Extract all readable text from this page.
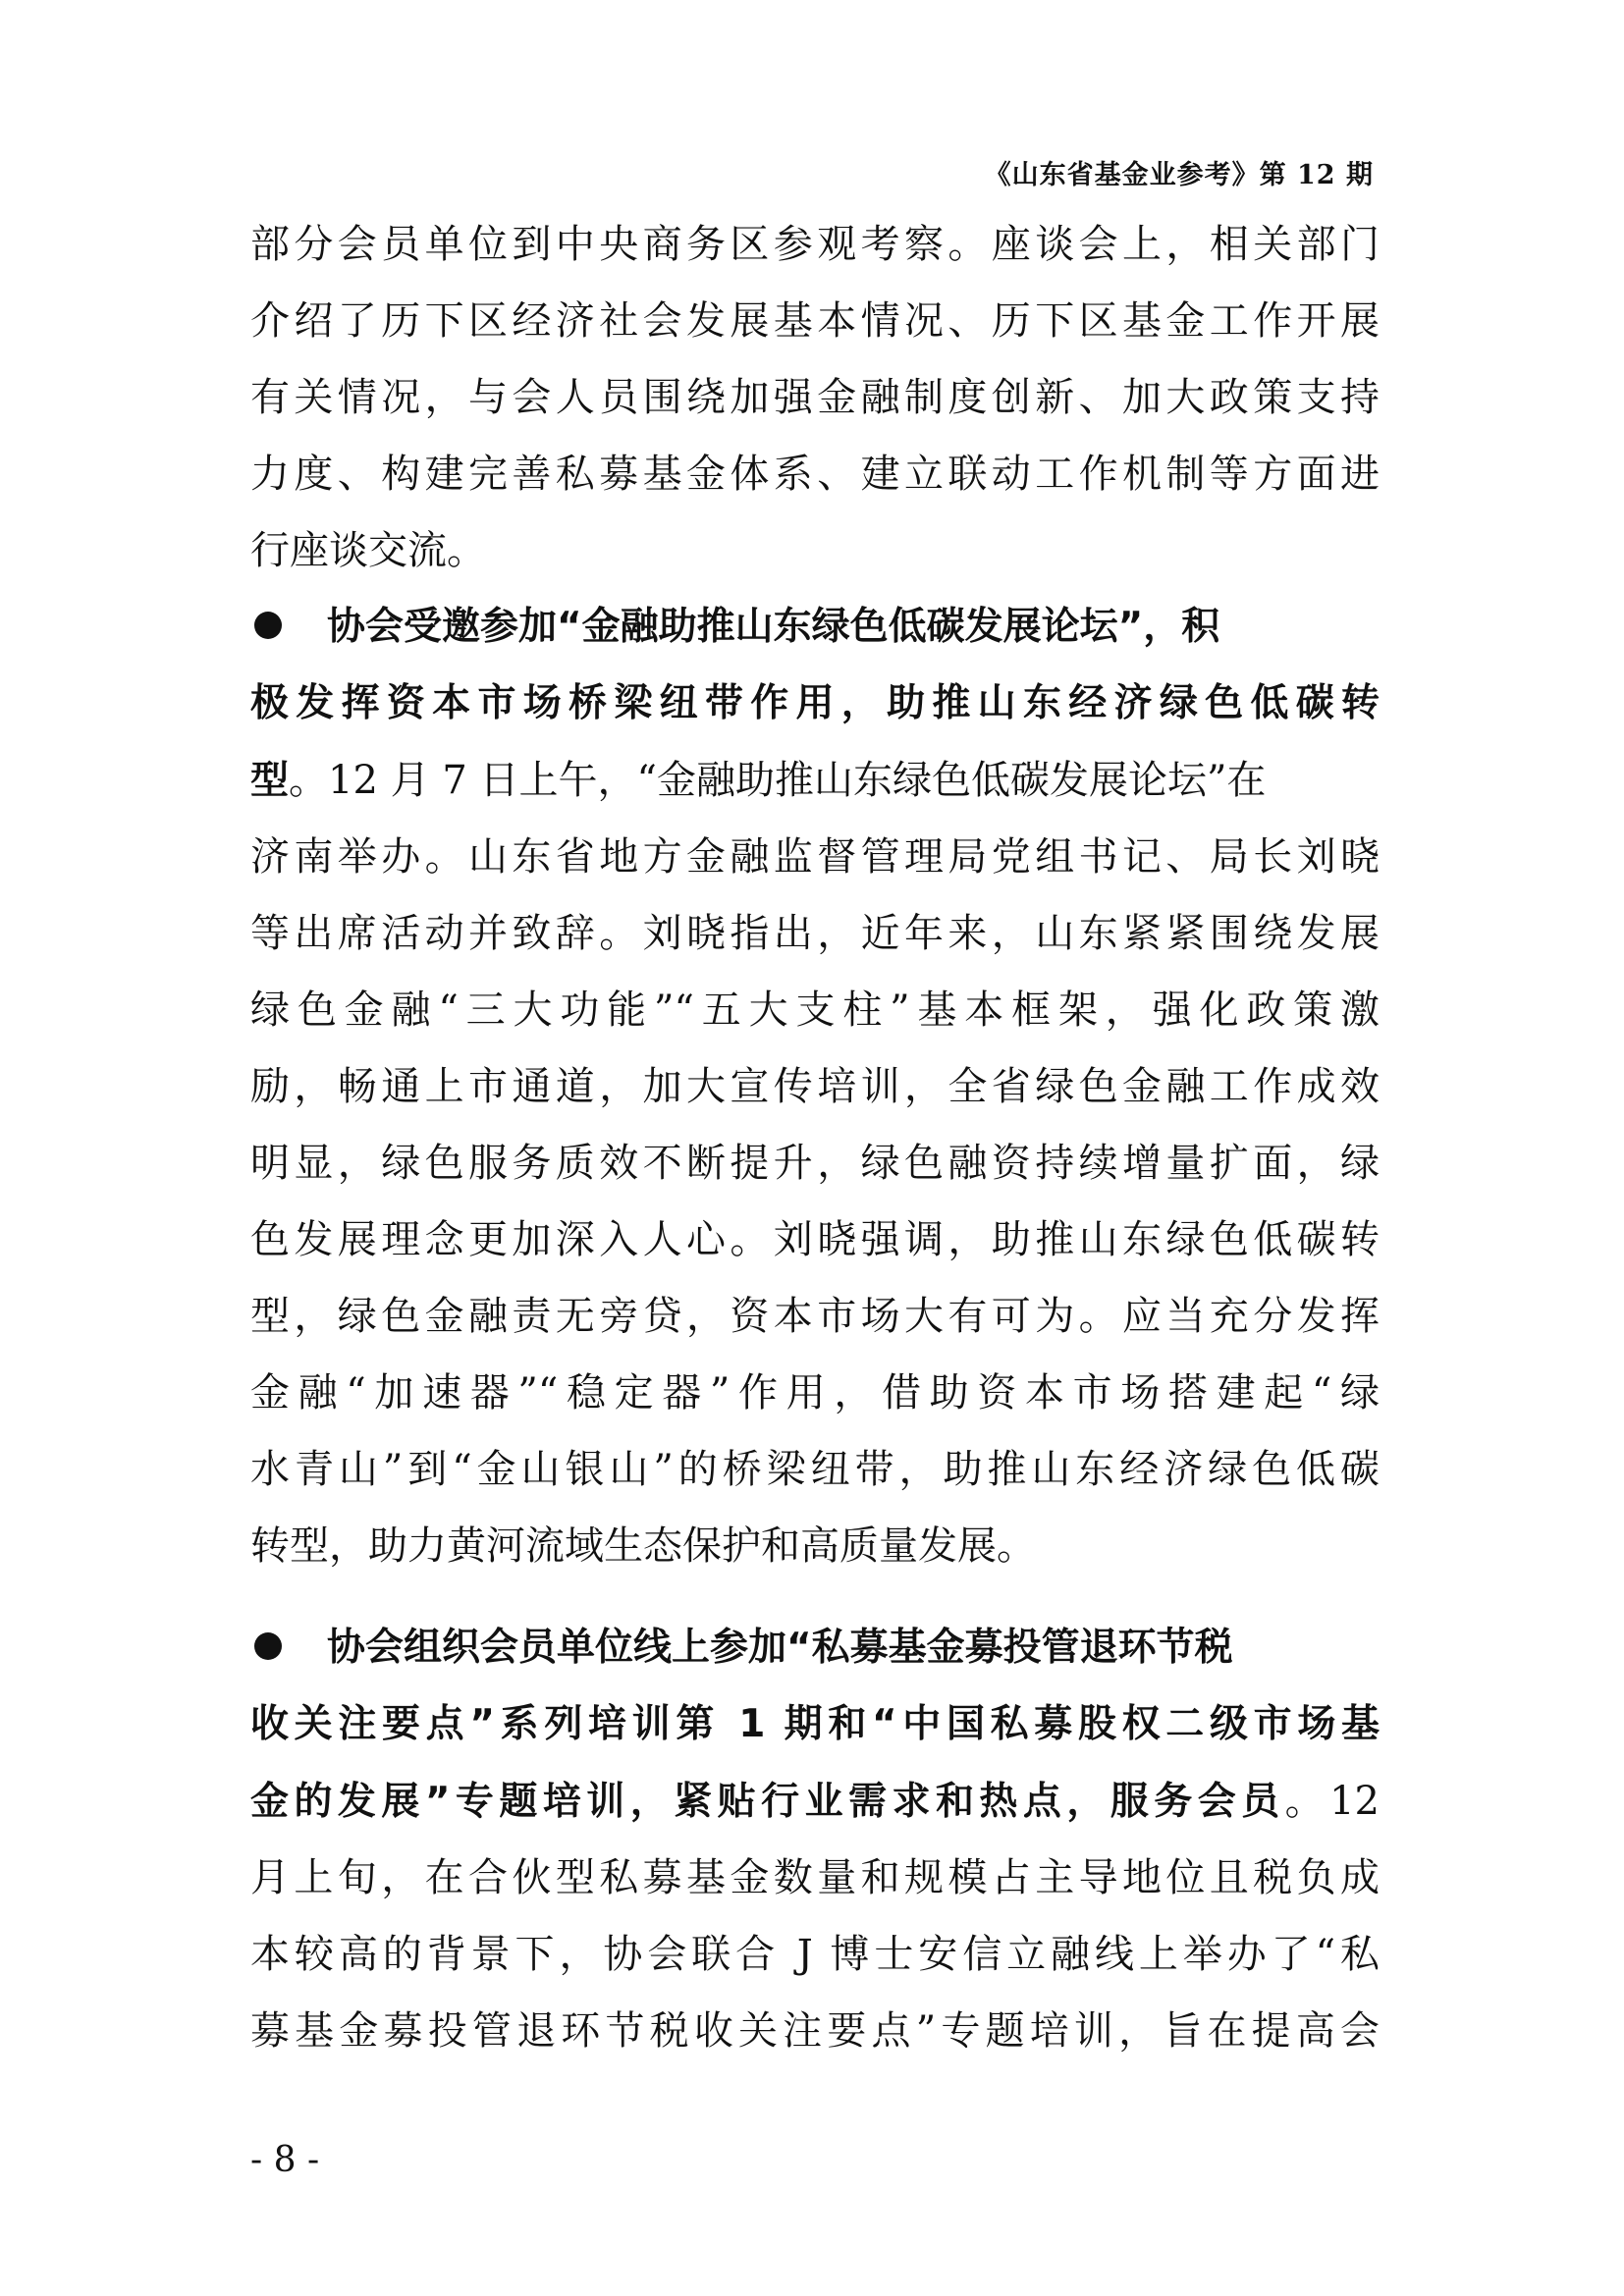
《山东省基金业参考》第 12 期
部分会员单位到中央商务区参观考察。座谈会上，相关部门
介绍了历下区经济社会发展基本情况、历下区基金工作开展
有关情况，与会人员围绕加强金融制度创新、加大政策支持
力度、构建完善私募基金体系、建立联动工作机制等方面进
行座谈交流。
协会受邀参加“金融助推山东绿色低碳发展论坛”，积
极发挥资本市场桥梁纽带作用，助推山东经济绿色低碳转
型。12 月 7 日上午，“金融助推山东绿色低碳发展论坛”在
济南举办。山东省地方金融监督管理局党组书记、局长刘晓
等出席活动并致辞。刘晓指出，近年来，山东紧紧围绕发展
绿色金融“三大功能”“五大支柱”基本框架，强化政策激
励，畅通上市通道，加大宣传培训，全省绿色金融工作成效
明显，绿色服务质效不断提升，绿色融资持续增量扩面，绿
色发展理念更加深入人心。刘晓强调，助推山东绿色低碳转
型，绿色金融责无旁贷，资本市场大有可为。应当充分发挥
金融“加速器”“稳定器”作用，借助资本市场搭建起“绿
水青山”到“金山银山”的桥梁纽带，助推山东经济绿色低碳
转型，助力黄河流域生态保护和高质量发展。
协会组织会员单位线上参加“私募基金募投管退环节税
收关注要点”系列培训第 1 期和“中国私募股权二级市场基
金的发展”专题培训，紧贴行业需求和热点，服务会员。12
月上旬，在合伙型私募基金数量和规模占主导地位且税负成
本较高的背景下，协会联合 J 博士安信立融线上举办了“私
募基金募投管退环节税收关注要点”专题培训，旨在提高会
- 8 -
